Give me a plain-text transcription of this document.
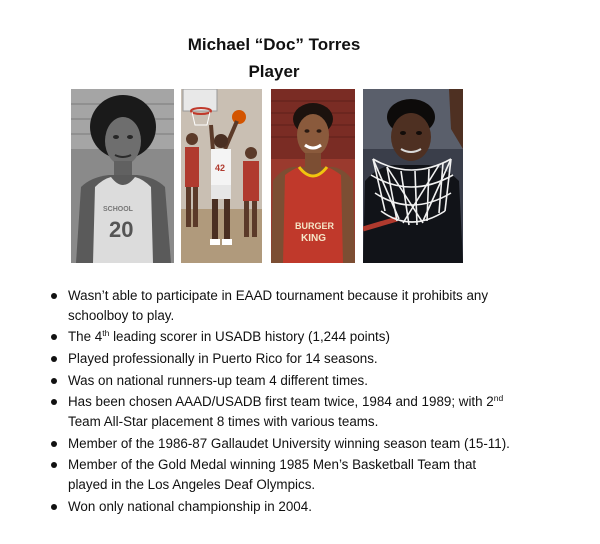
Michael “Doc” Torres
Player
SCHOOL
20
42
BURGER
KING
Wasn’t able to participate in EAAD tournament because it prohibits any schoolboy to play.
The 4th leading scorer in USADB history (1,244 points)
Played professionally in Puerto Rico for 14 seasons.
Was on national runners-up team 4 different times.
Has been chosen AAAD/USADB first team twice, 1984 and 1989; with 2nd Team All-Star placement 8 times with various teams.
Member of the 1986-87 Gallaudet University winning season team (15-11).
Member of the Gold Medal winning 1985 Men’s Basketball Team that played in the Los Angeles Deaf Olympics.
Won only national championship in 2004.
